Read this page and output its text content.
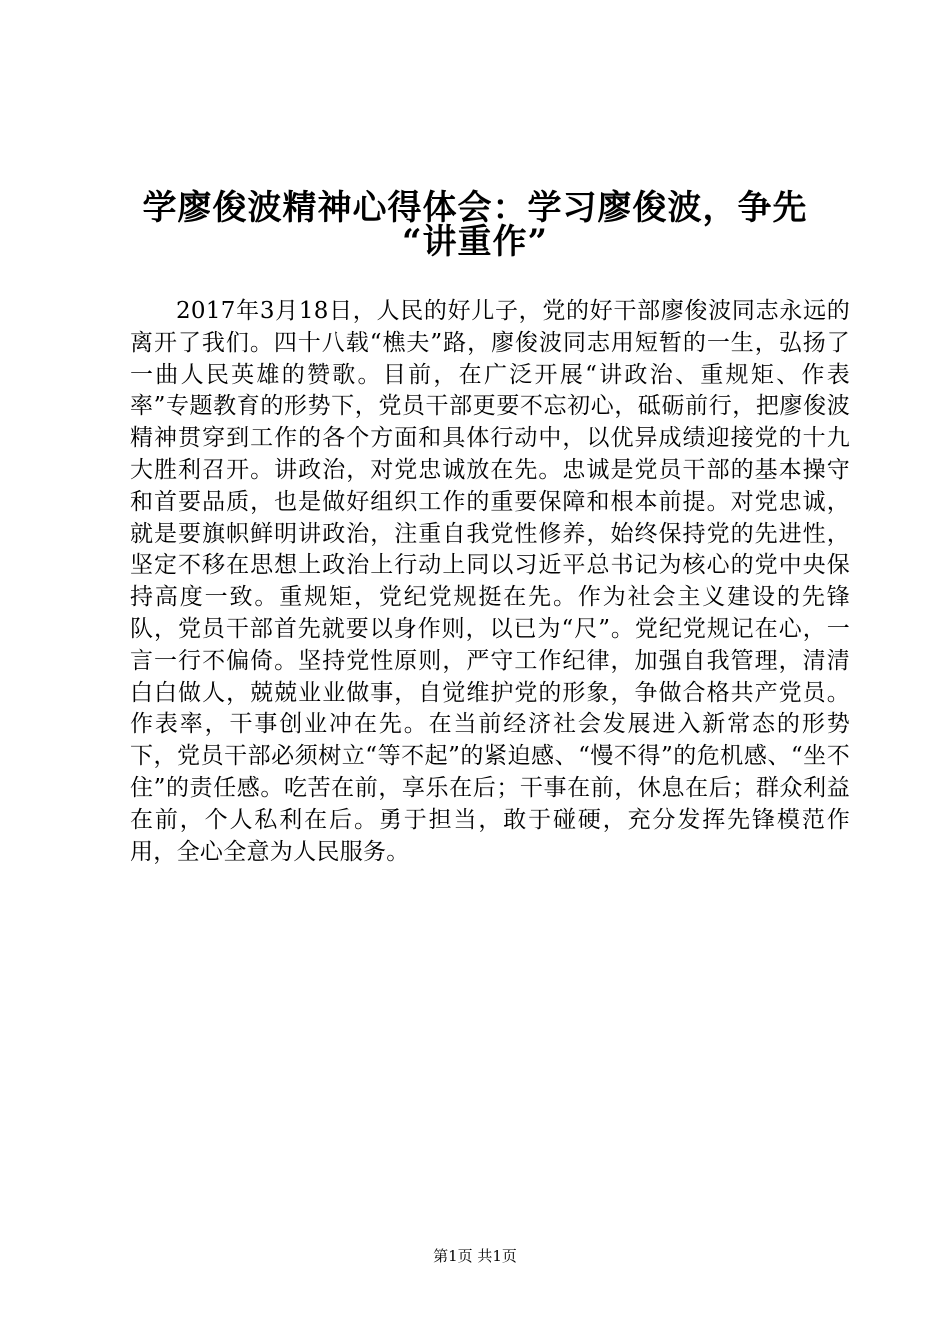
学廖俊波精神心得体会：学习廖俊波，争先
“讲重作”

2017年3月18日，人民的好儿子，党的好干部廖俊波同志永远的离开了我们。四十八载“樵夫”路，廖俊波同志用短暂的一生，弘扬了一曲人民英雄的赞歌。目前，在广泛开展“讲政治、重规矩、作表率”专题教育的形势下，党员干部更要不忘初心，砥砺前行，把廖俊波精神贯穿到工作的各个方面和具体行动中，以优异成绩迎接党的十九大胜利召开。讲政治，对党忠诚放在先。忠诚是党员干部的基本操守和首要品质，也是做好组织工作的重要保障和根本前提。对党忠诚，就是要旗帜鲜明讲政治，注重自我党性修养，始终保持党的先进性，坚定不移在思想上政治上行动上同以习近平总书记为核心的党中央保持高度一致。重规矩，党纪党规挺在先。作为社会主义建设的先锋队，党员干部首先就要以身作则，以已为“尺”。党纪党规记在心，一言一行不偏倚。坚持党性原则，严守工作纪律，加强自我管理，清清白白做人，兢兢业业做事，自觉维护党的形象，争做合格共产党员。作表率，干事创业冲在先。在当前经济社会发展进入新常态的形势下，党员干部必须树立“等不起”的紧迫感、“慢不得”的危机感、“坐不住”的责任感。吃苦在前，享乐在后；干事在前，休息在后；群众利益在前，个人私利在后。勇于担当，敢于碰硬，充分发挥先锋模范作用，全心全意为人民服务。

第1页 共1页
